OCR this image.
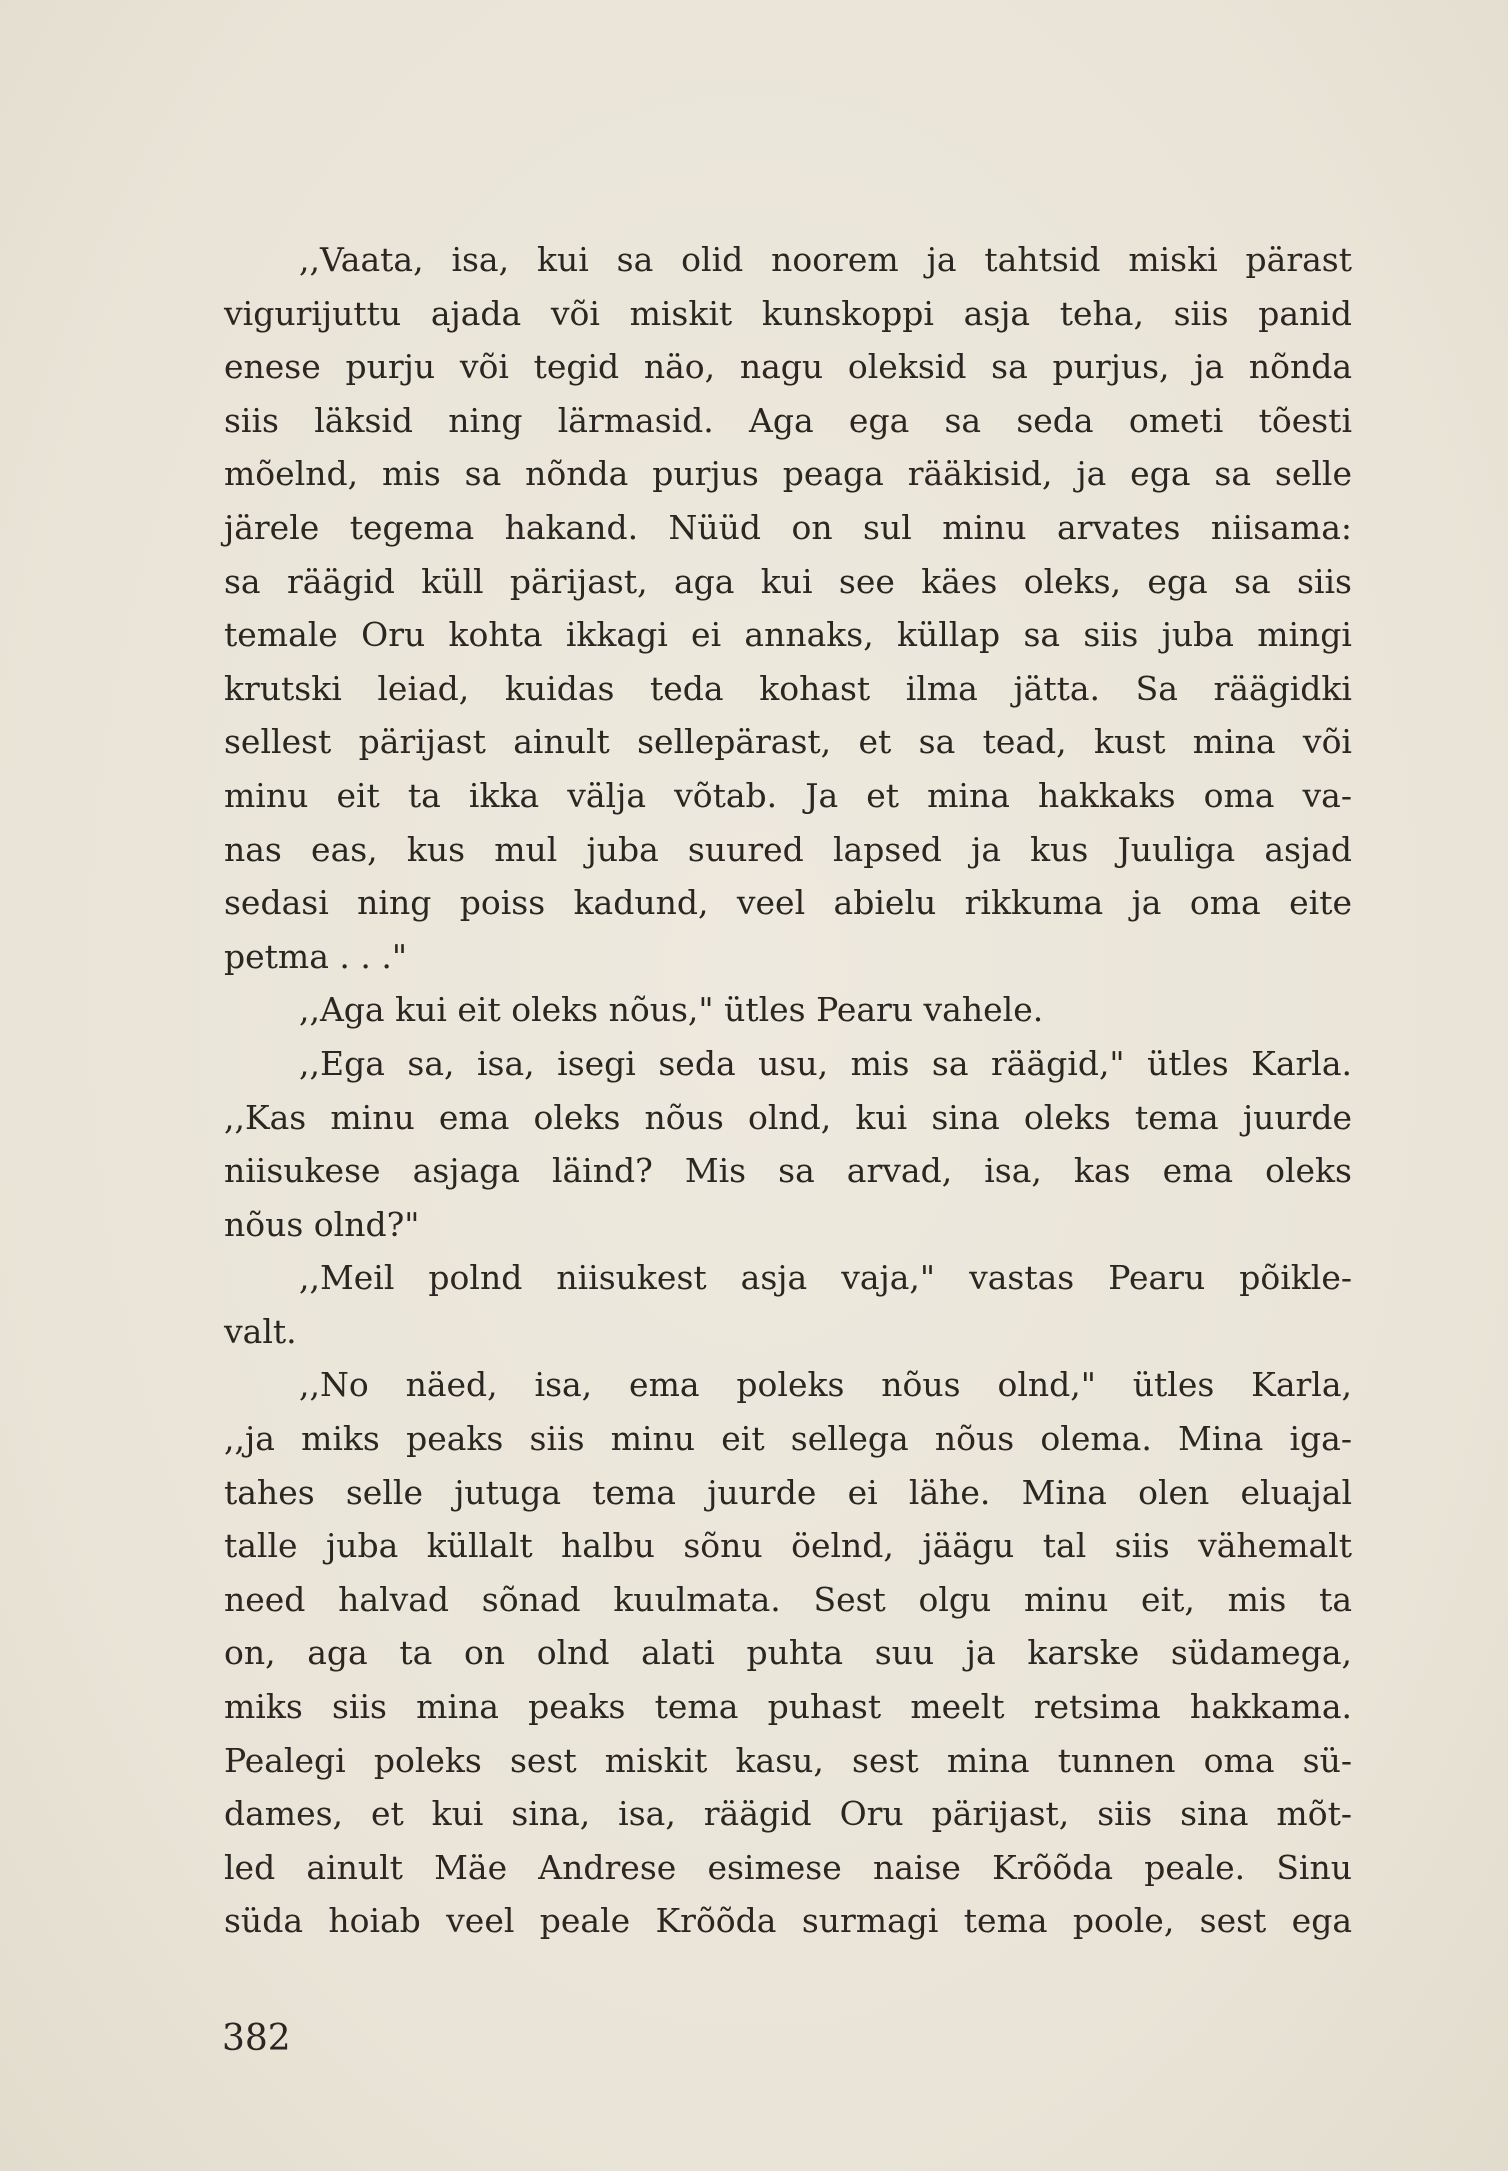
,,Vaata, isa, kui sa olid noorem ja tahtsid miski pärast
vigurijuttu ajada või miskit kunskoppi asja teha, siis panid
enese purju või tegid näo, nagu oleksid sa purjus, ja nõnda
siis läksid ning lärmasid. Aga ega sa seda ometi tõesti
mõelnd, mis sa nõnda purjus peaga rääkisid, ja ega sa selle
järele tegema hakand. Nüüd on sul minu arvates niisama:
sa räägid küll pärijast, aga kui see käes oleks, ega sa siis
temale Oru kohta ikkagi ei annaks, küllap sa siis juba mingi
krutski leiad, kuidas teda kohast ilma jätta. Sa räägidki
sellest pärijast ainult sellepärast, et sa tead, kust mina või
minu eit ta ikka välja võtab. Ja et mina hakkaks oma va-
nas eas, kus mul juba suured lapsed ja kus Juuliga asjad
sedasi ning poiss kadund, veel abielu rikkuma ja oma eite
petma . . ."
,,Aga kui eit oleks nõus," ütles Pearu vahele.
,,Ega sa, isa, isegi seda usu, mis sa räägid," ütles Karla.
,,Kas minu ema oleks nõus olnd, kui sina oleks tema juurde
niisukese asjaga läind? Mis sa arvad, isa, kas ema oleks
nõus olnd?"
,,Meil polnd niisukest asja vaja," vastas Pearu põikle-
valt.
,,No näed, isa, ema poleks nõus olnd," ütles Karla,
,,ja miks peaks siis minu eit sellega nõus olema. Mina iga-
tahes selle jutuga tema juurde ei lähe. Mina olen eluajal
talle juba küllalt halbu sõnu öelnd, jäägu tal siis vähemalt
need halvad sõnad kuulmata. Sest olgu minu eit, mis ta
on, aga ta on olnd alati puhta suu ja karske südamega,
miks siis mina peaks tema puhast meelt retsima hakkama.
Pealegi poleks sest miskit kasu, sest mina tunnen oma sü-
dames, et kui sina, isa, räägid Oru pärijast, siis sina mõt-
led ainult Mäe Andrese esimese naise Krõõda peale. Sinu
süda hoiab veel peale Krõõda surmagi tema poole, sest ega
382
